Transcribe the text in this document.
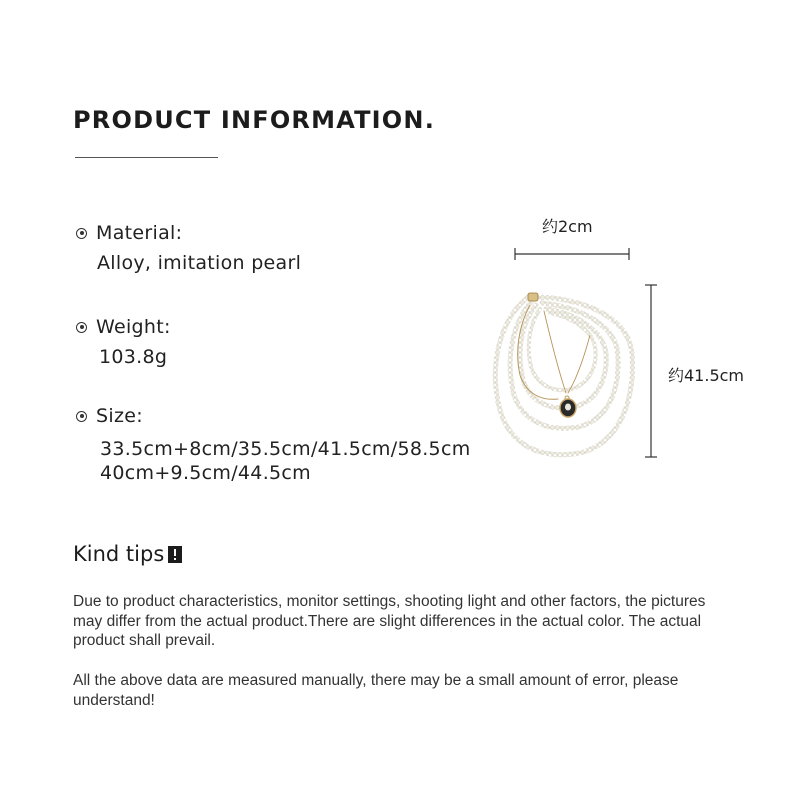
PRODUCT INFORMATION.
Material:
Alloy, imitation pearl
Weight:
103.8g
Size:
33.5cm+8cm/35.5cm/41.5cm/58.5cm
40cm+9.5cm/44.5cm
约2cm
约41.5cm
Kind tips

Due to product characteristics, monitor settings, shooting light and other factors, the pictures may differ from the actual product.There are slight differences in the actual color. The actual product shall prevail.

All the above data are measured manually, there may be a small amount of error, please understand!
